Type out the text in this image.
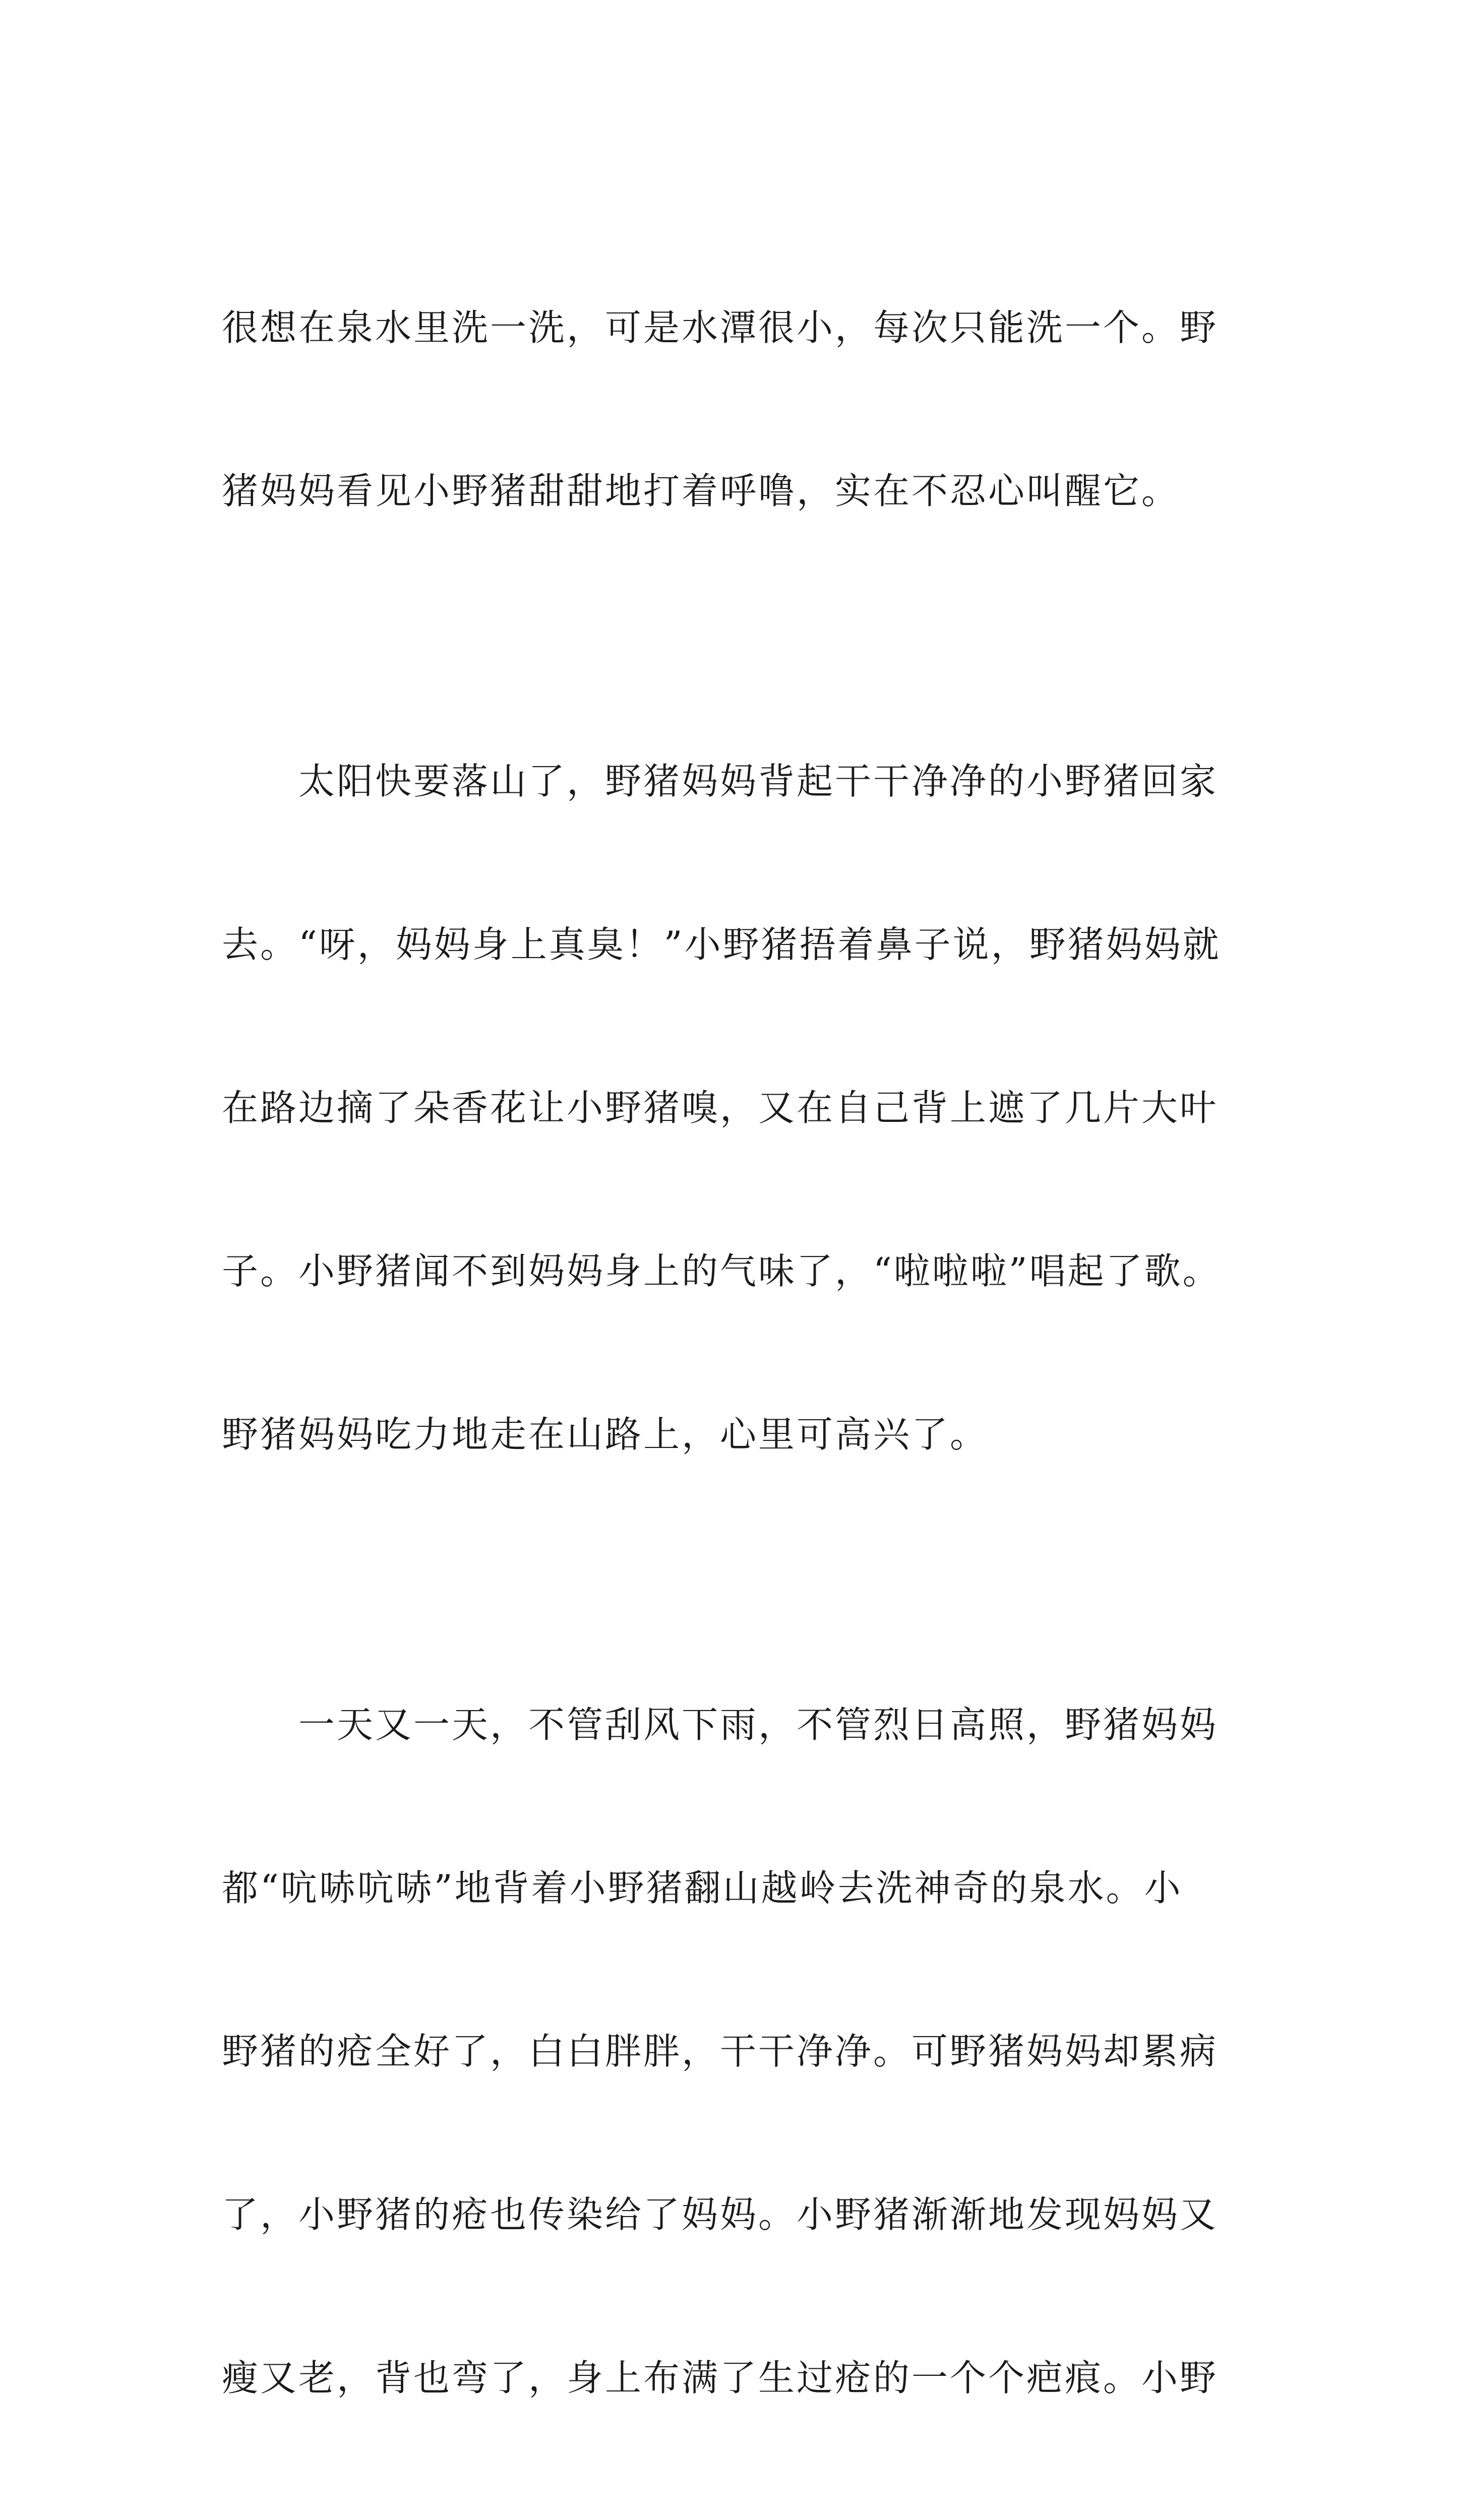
很想在泉水里洗一洗，可是水潭很小，每次只能洗一个。野

猪妈妈看见小野猪甜甜地打着呼噜，实在不忍心叫醒它。

　　太阳快要落山了，野猪妈妈背起干干净净的小野猪回家

去。“呀，妈妈身上真臭！”小野猪捂着鼻子说，野猪妈妈就

在路边摘了朵香花让小野猪嗅，又在自己背上遮了几片大叶

子。小野猪闻不到妈妈身上的气味了，“啦啦啦”唱起了歌。

野猪妈妈吃力地走在山路上，心里可高兴了。

　　一天又一天，不管刮风下雨，不管烈日高照，野猪妈妈

都“吭哧吭哧”地背着小野猪翻山越岭去洗神奇的泉水。小

野猪的疮全好了，白白胖胖，干干净净。可野猪妈妈却累病

了，小野猪的疮也传染给了妈妈。小野猪渐渐地发现妈妈又

瘦又老，背也弯了，身上布满了生过疮的一个个疤痕。小野
